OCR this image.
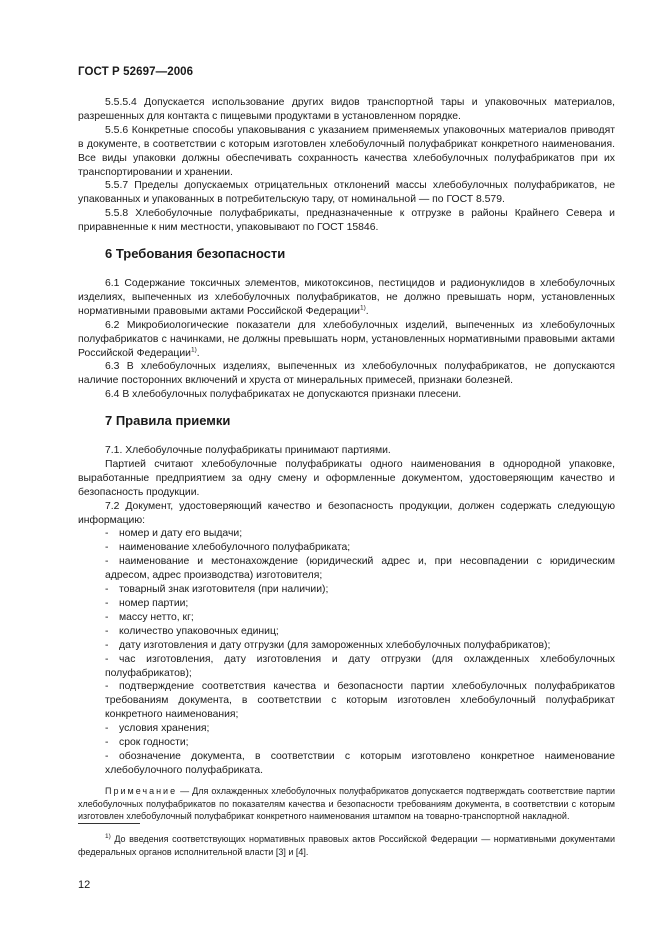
ГОСТ Р 52697—2006

5.5.5.4 Допускается использование других видов транспортной тары и упаковочных материалов, разрешенных для контакта с пищевыми продуктами в установленном порядке.

5.5.6 Конкретные способы упаковывания с указанием применяемых упаковочных материалов приводят в документе, в соответствии с которым изготовлен хлебобулочный полуфабрикат конкретного наименования. Все виды упаковки должны обеспечивать сохранность качества хлебобулочных полуфабрикатов при их транспортировании и хранении.

5.5.7 Пределы допускаемых отрицательных отклонений массы хлебобулочных полуфабрикатов, не упакованных и упакованных в потребительскую тару, от номинальной — по ГОСТ 8.579.

5.5.8 Хлебобулочные полуфабрикаты, предназначенные к отгрузке в районы Крайнего Севера и приравненные к ним местности, упаковывают по ГОСТ 15846.

6 Требования безопасности

6.1 Содержание токсичных элементов, микотоксинов, пестицидов и радионуклидов в хлебобулочных изделиях, выпеченных из хлебобулочных полуфабрикатов, не должно превышать норм, установленных нормативными правовыми актами Российской Федерации$^{1)}$.

6.2 Микробиологические показатели для хлебобулочных изделий, выпеченных из хлебобулочных полуфабрикатов с начинками, не должны превышать норм, установленных нормативными правовыми актами Российской Федерации$^{1)}$.

6.3 В хлебобулочных изделиях, выпеченных из хлебобулочных полуфабрикатов, не допускаются наличие посторонних включений и хруста от минеральных примесей, признаки болезней.

6.4 В хлебобулочных полуфабрикатах не допускаются признаки плесени.

7 Правила приемки

7.1. Хлебобулочные полуфабрикаты принимают партиями.

Партией считают хлебобулочные полуфабрикаты одного наименования в однородной упаковке, выработанные предприятием за одну смену и оформленные документом, удостоверяющим качество и безопасность продукции.

7.2 Документ, удостоверяющий качество и безопасность продукции, должен содержать следующую информацию:

- номер и дату его выдачи;

- наименование хлебобулочного полуфабриката;

- наименование и местонахождение (юридический адрес и, при несовпадении с юридическим адресом, адрес производства) изготовителя;

- товарный знак изготовителя (при наличии);

- номер партии;

- массу нетто, кг;

- количество упаковочных единиц;

- дату изготовления и дату отгрузки (для замороженных хлебобулочных полуфабрикатов);

- час изготовления, дату изготовления и дату отгрузки (для охлажденных хлебобулочных полуфабрикатов);

- подтверждение соответствия качества и безопасности партии хлебобулочных полуфабрикатов требованиям документа, в соответствии с которым изготовлен хлебобулочный полуфабрикат конкретного наименования;

- условия хранения;

- срок годности;

- обозначение документа, в соответствии с которым изготовлено конкретное наименование хлебобулочного полуфабриката.

Примечание — Для охлажденных хлебобулочных полуфабрикатов допускается подтверждать соответствие партии хлебобулочных полуфабрикатов по показателям качества и безопасности требованиям документа, в соответствии с которым изготовлен хлебобулочный полуфабрикат конкретного наименования штампом на товарно-транспортной накладной.

$^{1)}$ До введения соответствующих нормативных правовых актов Российской Федерации — нормативными документами федеральных органов исполнительной власти [3] и [4].
12
